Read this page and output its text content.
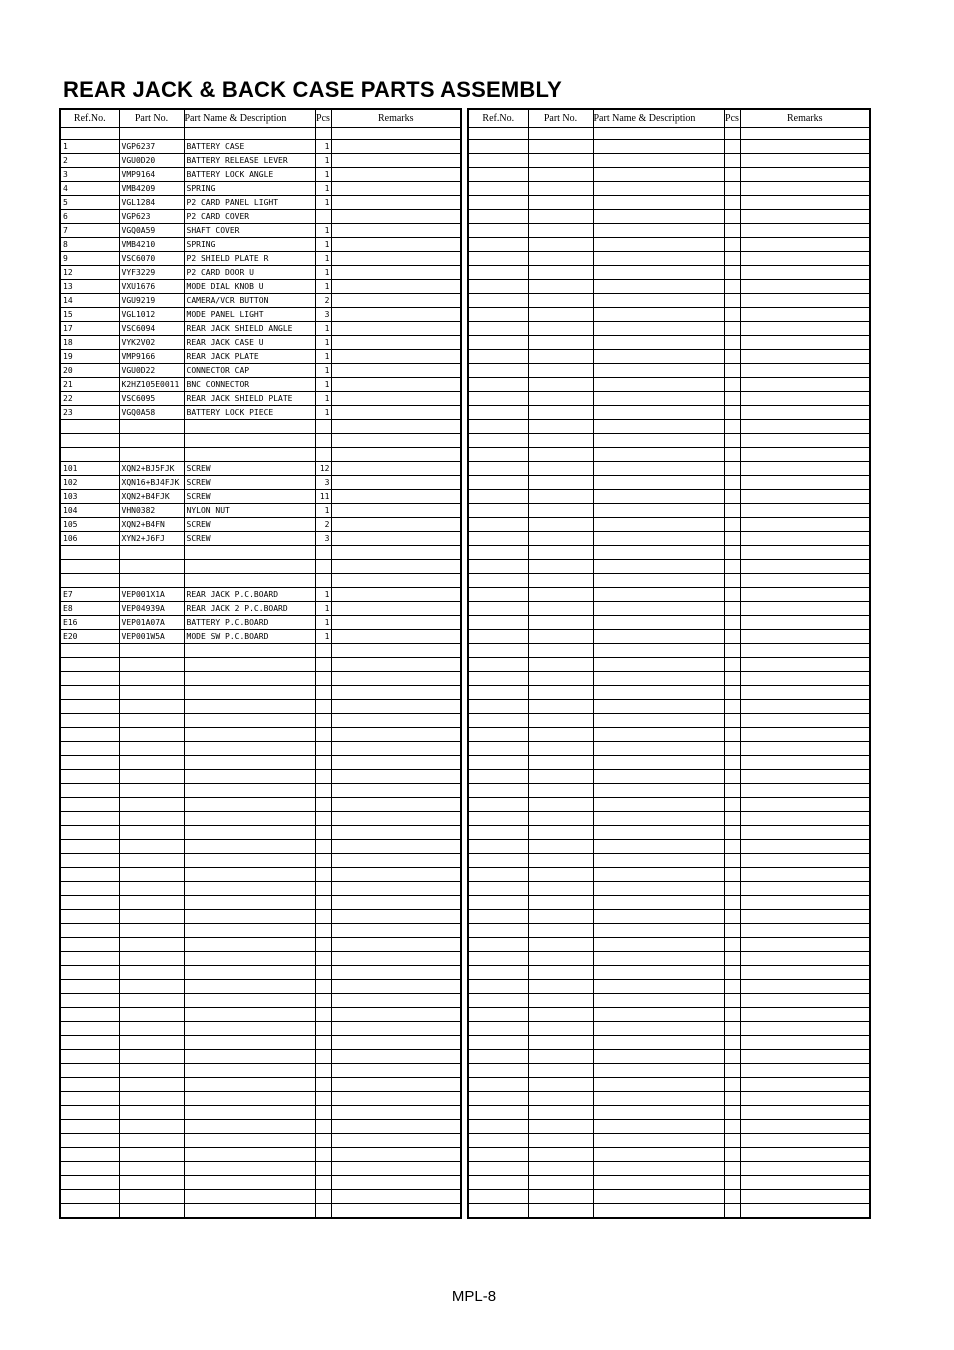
REAR JACK & BACK CASE PARTS ASSEMBLY
Ref.No.	Part No.	Part Name & Description	Pcs	Remarks

1	VGP6237	BATTERY CASE	1	
2	VGU0D20	BATTERY RELEASE LEVER	1	
3	VMP9164	BATTERY LOCK ANGLE	1	
4	VMB4209	SPRING	1	
5	VGL1284	P2 CARD PANEL LIGHT	1	
6	VGP623	P2 CARD COVER		
7	VGQ0A59	SHAFT COVER	1	
8	VMB4210	SPRING	1	
9	VSC6070	P2 SHIELD PLATE R	1	
12	VYF3229	P2 CARD DOOR U	1	
13	VXU1676	MODE DIAL KNOB U	1	
14	VGU9219	CAMERA/VCR BUTTON	2	
15	VGL1012	MODE PANEL LIGHT	3	
17	VSC6094	REAR JACK SHIELD ANGLE	1	
18	VYK2V02	REAR JACK CASE U	1	
19	VMP9166	REAR JACK PLATE	1	
20	VGU0D22	CONNECTOR CAP	1	
21	K2HZ105E0011	BNC CONNECTOR	1	
22	VSC6095	REAR JACK SHIELD PLATE	1	
23	VGQ0A58	BATTERY LOCK PIECE	1	

101	XQN2+BJ5FJK	SCREW	12	
102	XQN16+BJ4FJK	SCREW	3	
103	XQN2+B4FJK	SCREW	11	
104	VHN0382	NYLON NUT	1	
105	XQN2+B4FN	SCREW	2	
106	XYN2+J6FJ	SCREW	3	

E7	VEP001X1A	REAR JACK P.C.BOARD	1	
E8	VEP04939A	REAR JACK 2 P.C.BOARD	1	
E16	VEP01A07A	BATTERY P.C.BOARD	1	
E20	VEP001W5A	MODE SW P.C.BOARD	1	

Ref.No.	Part No.	Part Name & Description	Pcs	Remarks

MPL-8
